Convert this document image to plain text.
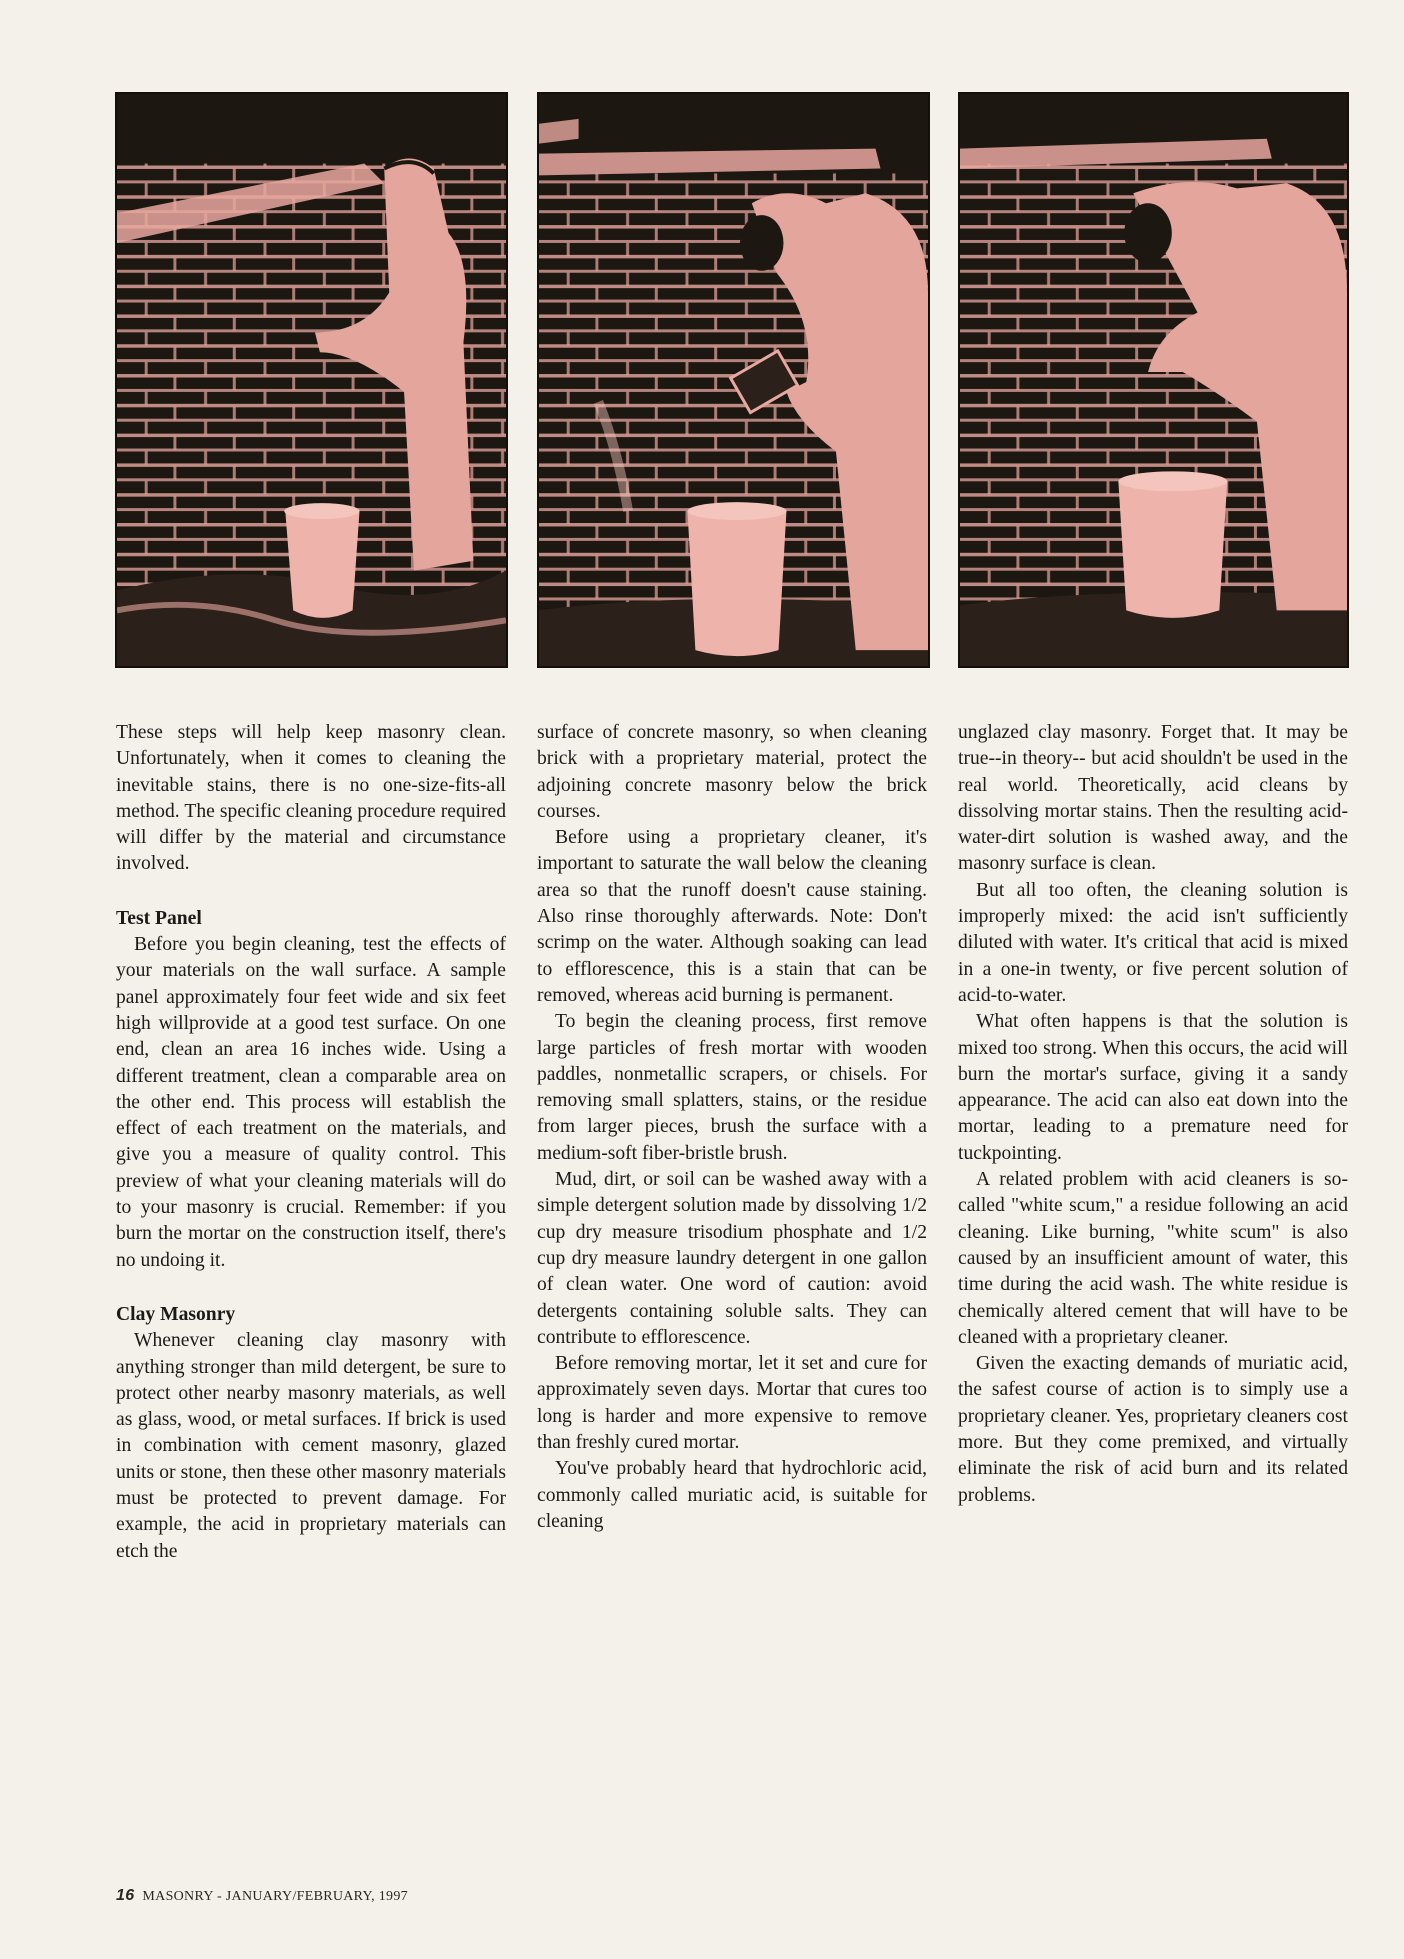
These steps will help keep masonry clean. Unfortunately, when it comes to cleaning the inevitable stains, there is no one-size-fits-all method. The specific cleaning procedure required will differ by the material and circumstance involved.

Test Panel

Before you begin cleaning, test the effects of your materials on the wall surface. A sample panel approximately four feet wide and six feet high willprovide at a good test surface. On one end, clean an area 16 inches wide. Using a different treatment, clean a comparable area on the other end. This process will establish the effect of each treatment on the materials, and give you a measure of quality control. This preview of what your cleaning materials will do to your masonry is crucial. Remember: if you burn the mortar on the construction itself, there's no undoing it.

Clay Masonry

Whenever cleaning clay masonry with anything stronger than mild detergent, be sure to protect other nearby masonry materials, as well as glass, wood, or metal surfaces. If brick is used in combination with cement masonry, glazed units or stone, then these other masonry materials must be protected to prevent damage. For example, the acid in proprietary materials can etch the

surface of concrete masonry, so when cleaning brick with a proprietary material, protect the adjoining concrete masonry below the brick courses.

Before using a proprietary cleaner, it's important to saturate the wall below the cleaning area so that the runoff doesn't cause staining. Also rinse thoroughly afterwards. Note: Don't scrimp on the water. Although soaking can lead to efflorescence, this is a stain that can be removed, whereas acid burning is permanent.

To begin the cleaning process, first remove large particles of fresh mortar with wooden paddles, nonmetallic scrapers, or chisels. For removing small splatters, stains, or the residue from larger pieces, brush the surface with a medium-soft fiber-bristle brush.

Mud, dirt, or soil can be washed away with a simple detergent solution made by dissolving 1/2 cup dry measure trisodium phosphate and 1/2 cup dry measure laundry detergent in one gallon of clean water. One word of caution: avoid detergents containing soluble salts. They can contribute to efflorescence.

Before removing mortar, let it set and cure for approximately seven days. Mortar that cures too long is harder and more expensive to remove than freshly cured mortar.

You've probably heard that hydrochloric acid, commonly called muriatic acid, is suitable for cleaning

unglazed clay masonry. Forget that. It may be true--in theory-- but acid shouldn't be used in the real world. Theoretically, acid cleans by dissolving mortar stains. Then the resulting acid-water-dirt solution is washed away, and the masonry surface is clean.

But all too often, the cleaning solution is improperly mixed: the acid isn't sufficiently diluted with water. It's critical that acid is mixed in a one-in twenty, or five percent solution of acid-to-water.

What often happens is that the solution is mixed too strong. When this occurs, the acid will burn the mortar's surface, giving it a sandy appearance. The acid can also eat down into the mortar, leading to a premature need for tuckpointing.

A related problem with acid cleaners is so-called "white scum," a residue following an acid cleaning. Like burning, "white scum" is also caused by an insufficient amount of water, this time during the acid wash. The white residue is chemically altered cement that will have to be cleaned with a proprietary cleaner.

Given the exacting demands of muriatic acid, the safest course of action is to simply use a proprietary cleaner. Yes, proprietary cleaners cost more. But they come premixed, and virtually eliminate the risk of acid burn and its related problems.

16 MASONRY - JANUARY/FEBRUARY, 1997
